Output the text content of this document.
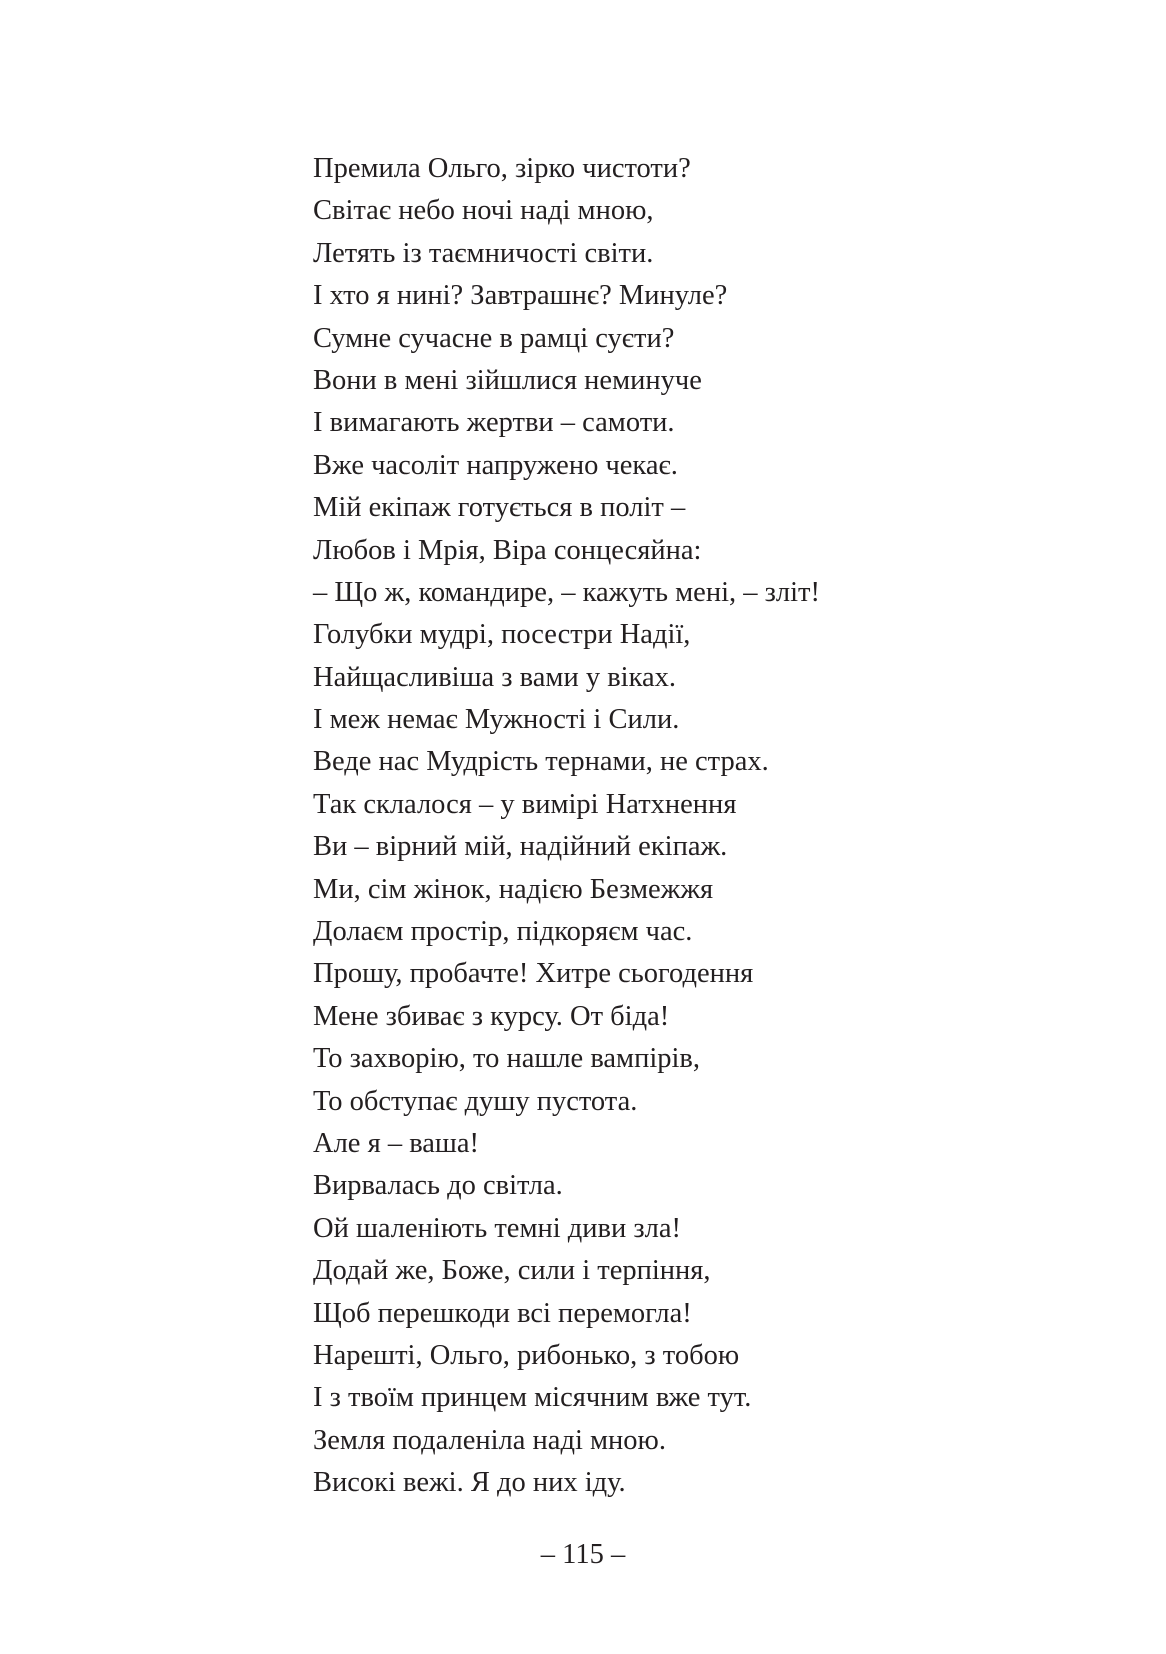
Премила Ольго, зірко чистоти?
Світає небо ночі наді мною,
Летять із таємничості світи.
І хто я нині? Завтрашнє? Минуле?
Сумне сучасне в рамці суєти?
Вони в мені зійшлися неминуче
І вимагають жертви – самоти.
Вже часоліт напружено чекає.
Мій екіпаж готується в політ –
Любов і Мрія, Віра сонцесяйна:
– Що ж, командире, – кажуть мені, – зліт!
Голубки мудрі, посестри Надії,
Найщасливіша з вами у віках.
І меж немає Мужності і Сили.
Веде нас Мудрість тернами, не страх.
Так склалося – у вимірі Натхнення
Ви – вірний мій, надійний екіпаж.
Ми, сім жінок, надією Безмежжя
Долаєм простір, підкоряєм час.
Прошу, пробачте! Хитре сьогодення
Мене збиває з курсу. От біда!
То захворію, то нашле вампірів,
То обступає душу пустота.
Але я – ваша!
Вирвалась до світла.
Ой шаленіють темні диви зла!
Додай же, Боже, сили і терпіння,
Щоб перешкоди всі перемогла!
Нарешті, Ольго, рибонько, з тобою
І з твоїм принцем місячним вже тут.
Земля подаленіла наді мною.
Високі вежі. Я до них іду.
– 115 –
